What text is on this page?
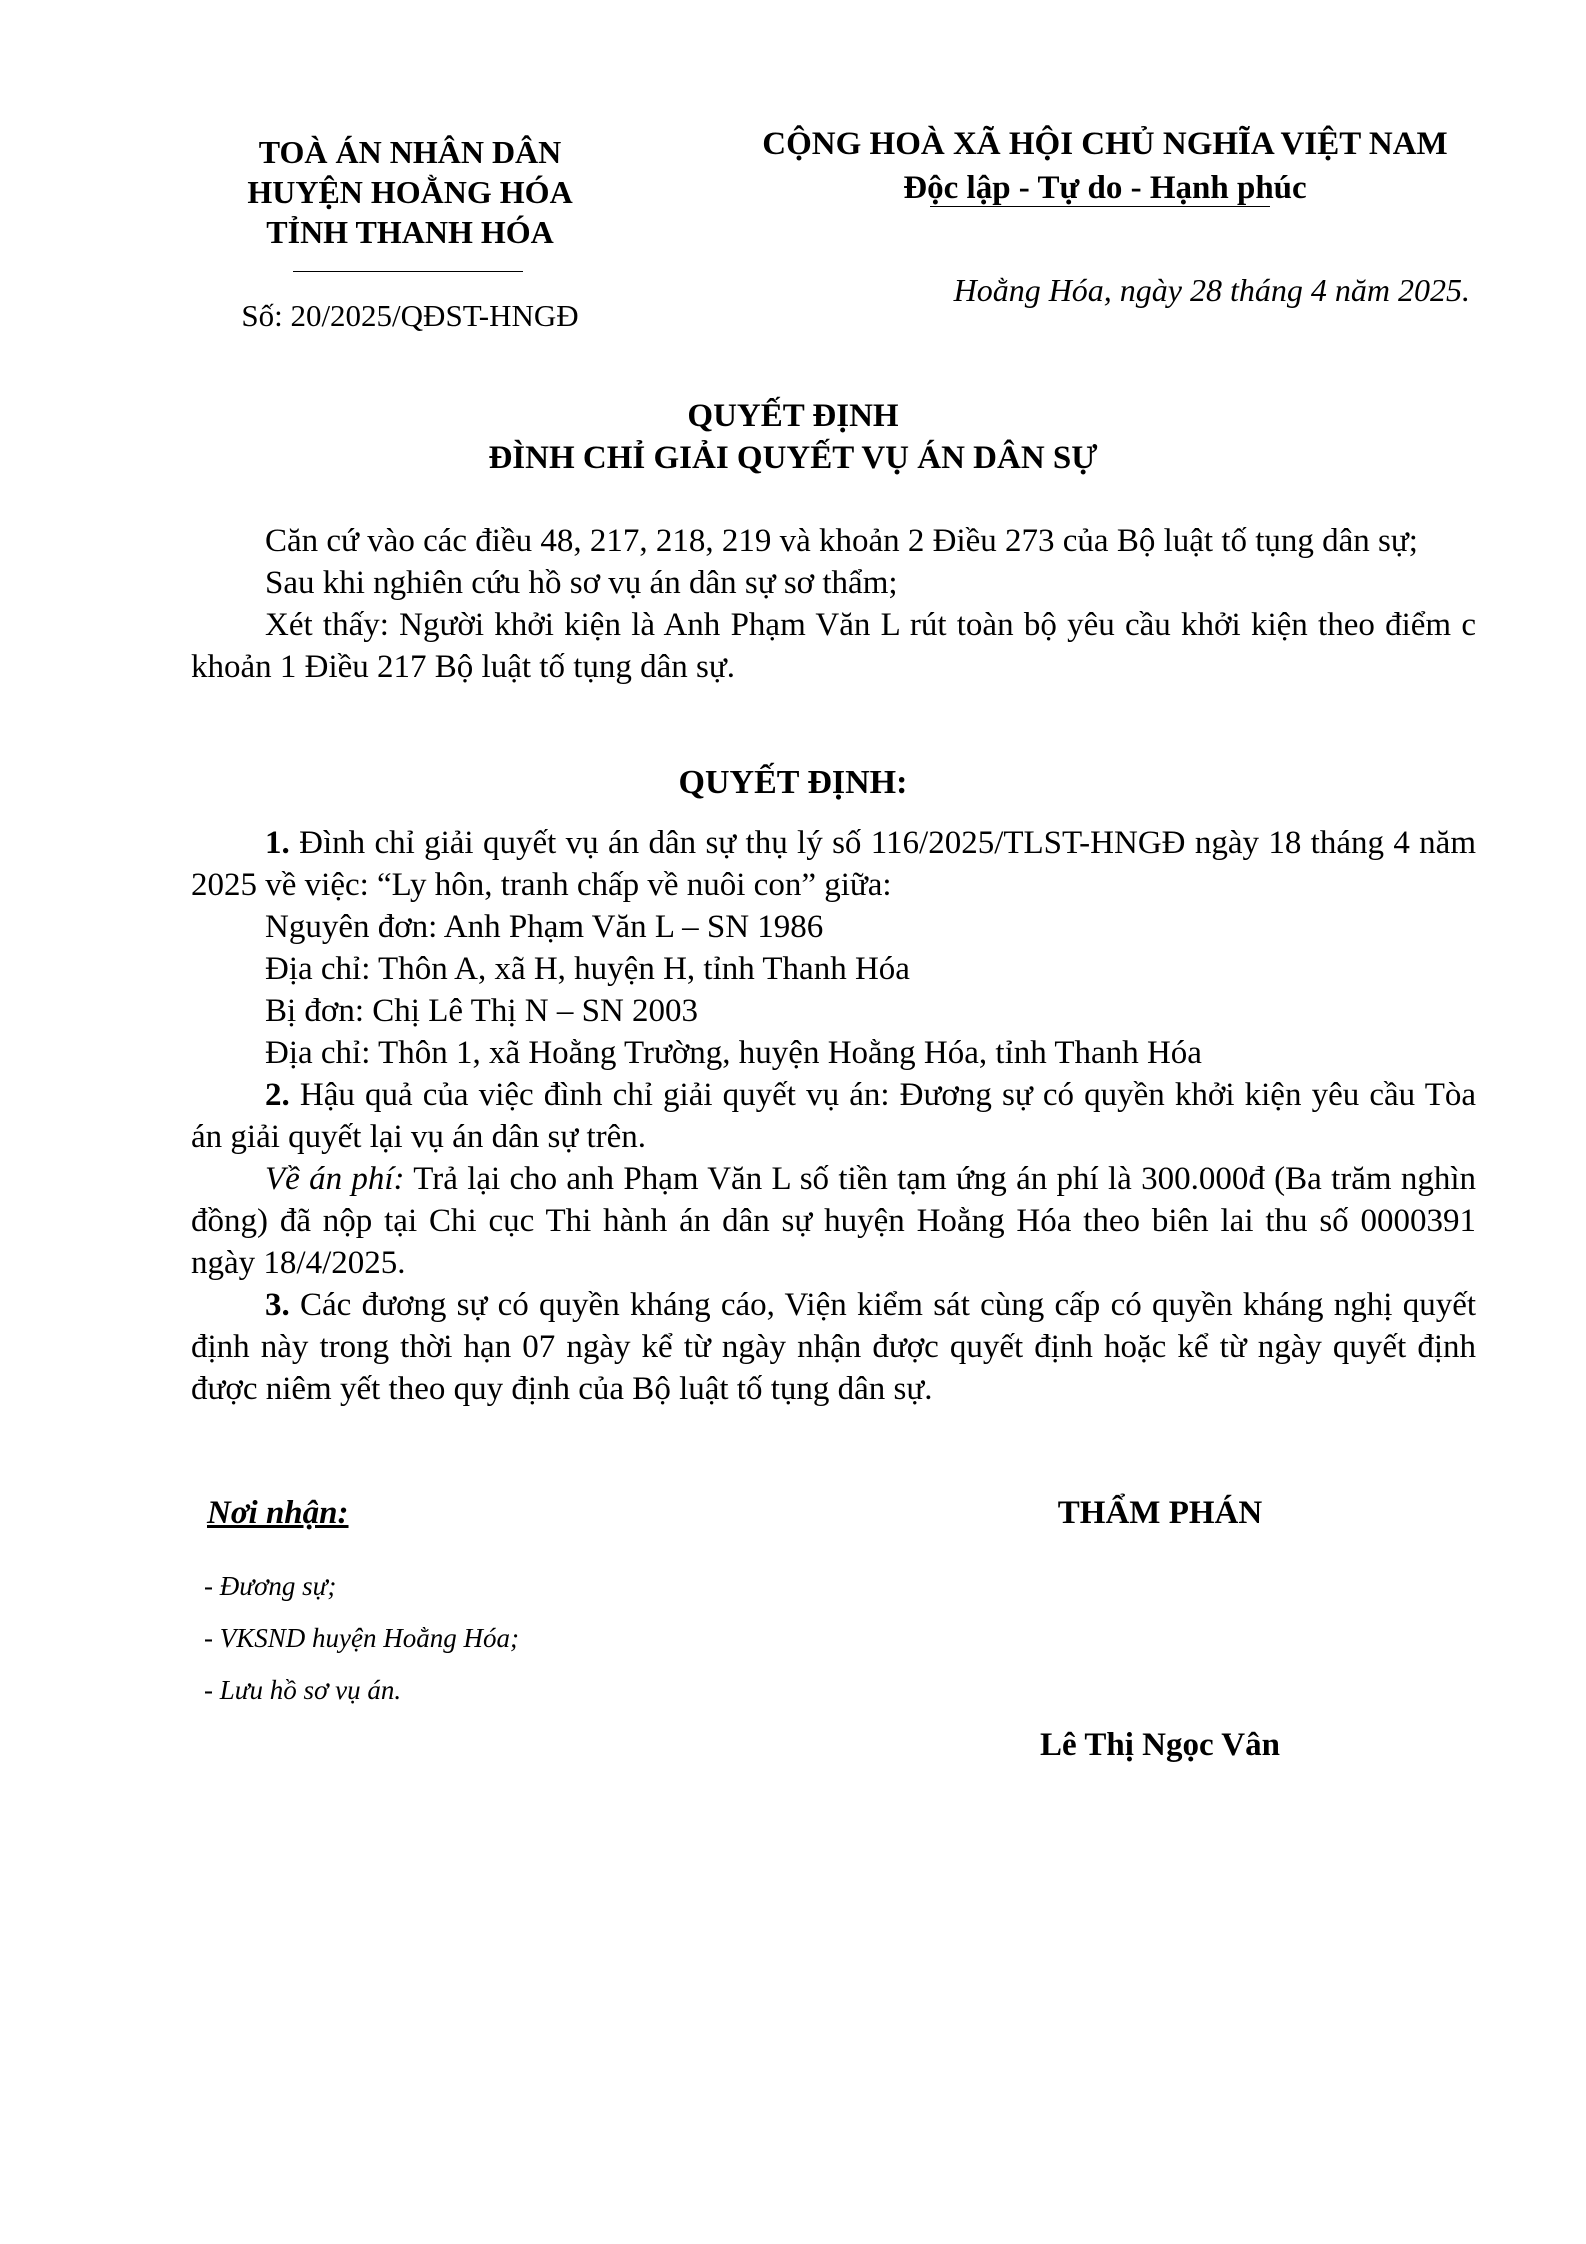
TOÀ ÁN NHÂN DÂN
HUYỆN HOẰNG HÓA
TỈNH THANH HÓA
Số: 20/2025/QĐST-HNGĐ
CỘNG HOÀ XÃ HỘI CHỦ NGHĨA VIỆT NAM
Độc lập - Tự do - Hạnh phúc
Hoằng Hóa, ngày 28 tháng 4 năm 2025.
QUYẾT ĐỊNH
ĐÌNH CHỈ GIẢI QUYẾT VỤ ÁN DÂN SỰ

Căn cứ vào các điều 48, 217, 218, 219 và khoản 2 Điều 273 của Bộ luật tố tụng dân sự;

Sau khi nghiên cứu hồ sơ vụ án dân sự sơ thẩm;

Xét thấy: Người khởi kiện là Anh Phạm Văn L rút toàn bộ yêu cầu khởi kiện theo điểm c khoản 1 Điều 217 Bộ luật tố tụng dân sự.

QUYẾT ĐỊNH:

1. Đình chỉ giải quyết vụ án dân sự thụ lý số 116/2025/TLST-HNGĐ ngày 18 tháng 4 năm 2025 về việc: “Ly hôn, tranh chấp về nuôi con” giữa:

Nguyên đơn: Anh Phạm Văn L – SN 1986

Địa chỉ: Thôn A, xã H, huyện H, tỉnh Thanh Hóa

Bị đơn: Chị Lê Thị N – SN 2003

Địa chỉ: Thôn 1, xã Hoằng Trường, huyện Hoằng Hóa, tỉnh Thanh Hóa

2. Hậu quả của việc đình chỉ giải quyết vụ án: Đương sự có quyền khởi kiện yêu cầu Tòa án giải quyết lại vụ án dân sự trên.

Về án phí: Trả lại cho anh Phạm Văn L số tiền tạm ứng án phí là 300.000đ (Ba trăm nghìn đồng) đã nộp tại Chi cục Thi hành án dân sự huyện Hoằng Hóa theo biên lai thu số 0000391 ngày 18/4/2025.

3. Các đương sự có quyền kháng cáo, Viện kiểm sát cùng cấp có quyền kháng nghị quyết định này trong thời hạn 07 ngày kể từ ngày nhận được quyết định hoặc kể từ ngày quyết định được niêm yết theo quy định của Bộ luật tố tụng dân sự.

Nơi nhận:
- Đương sự;
- VKSND huyện Hoằng Hóa;
- Lưu hồ sơ vụ án.
THẨM PHÁN
Lê Thị Ngọc Vân
